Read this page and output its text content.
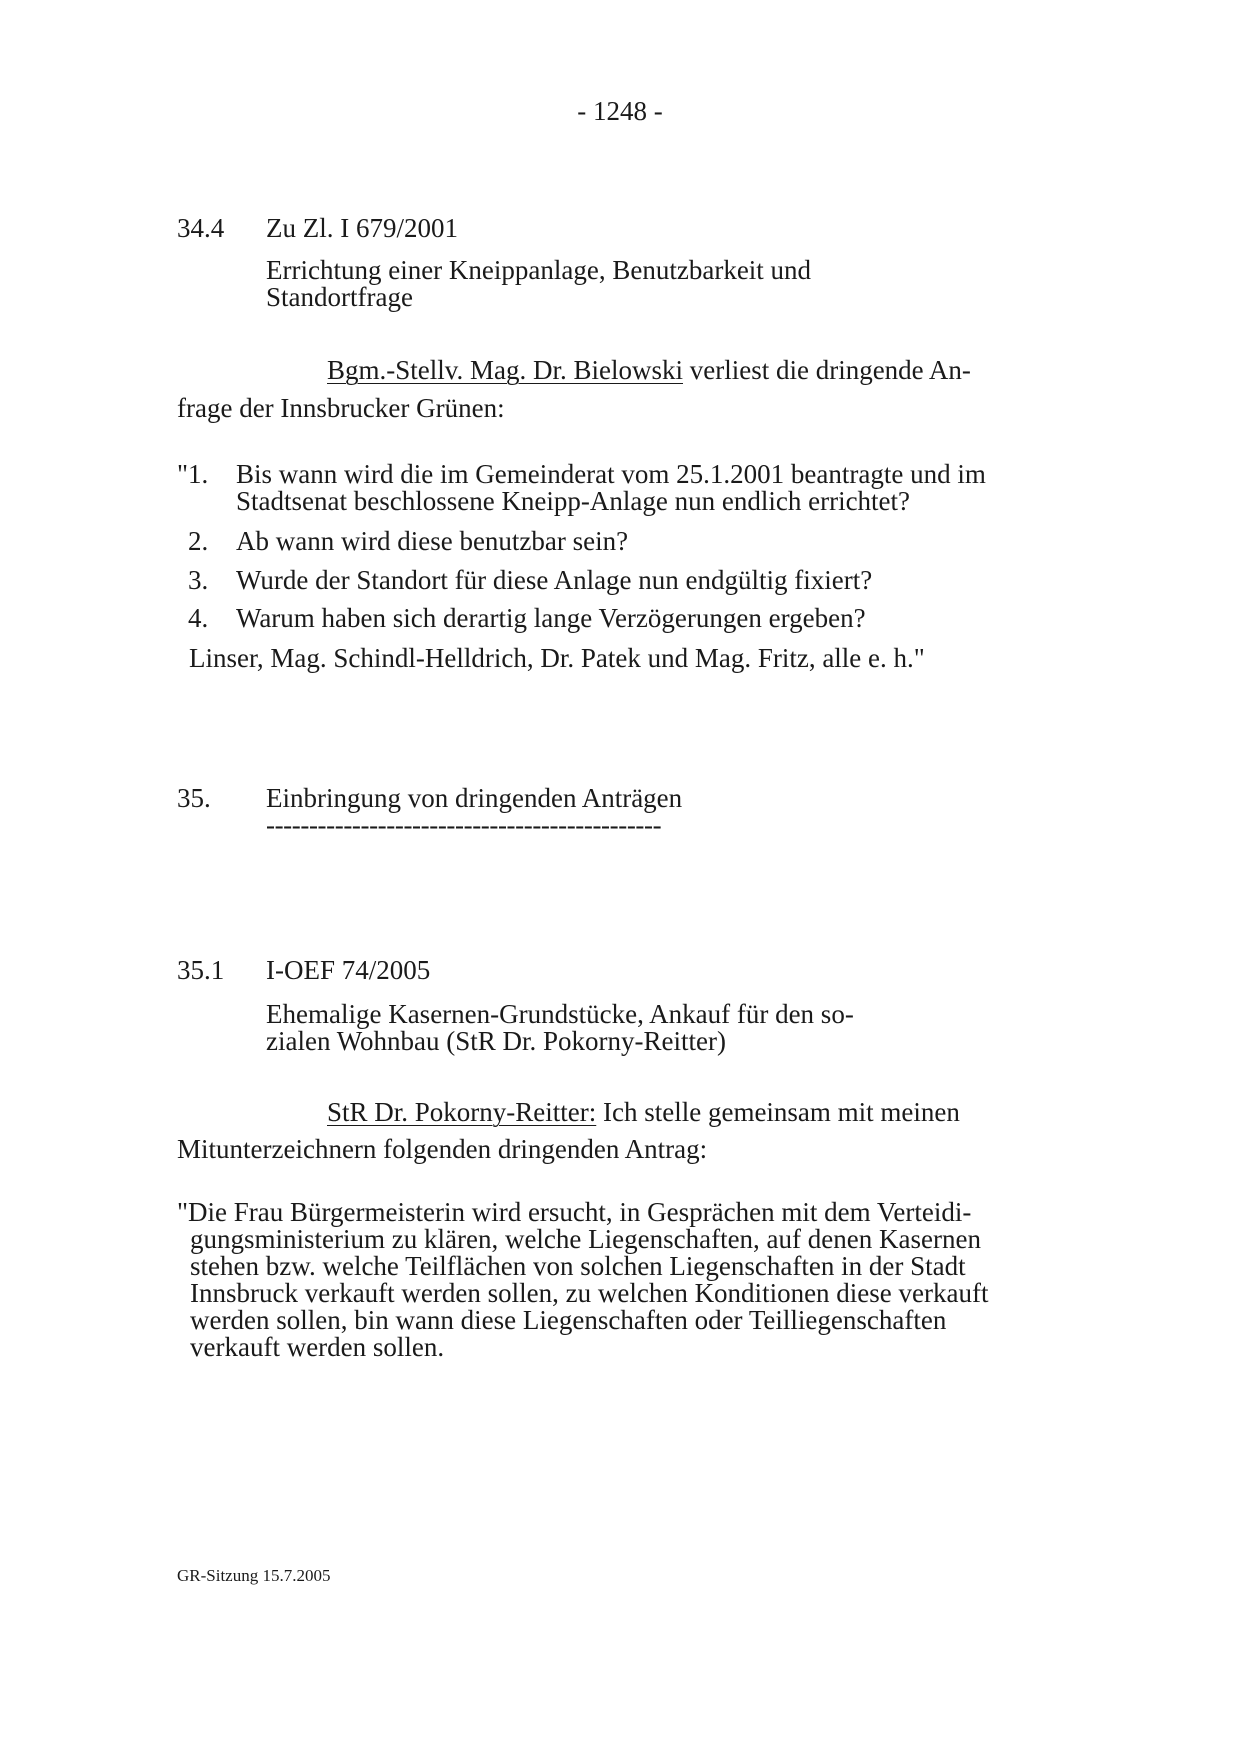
- 1248 -
34.4 Zu Zl. I 679/2001
Errichtung einer Kneippanlage, Benutzbarkeit und
Standortfrage
Bgm.-Stellv. Mag. Dr. Bielowski verliest die dringende An-
frage der Innsbrucker Grünen:
"1. Bis wann wird die im Gemeinderat vom 25.1.2001 beantragte und im
Stadtsenat beschlossene Kneipp-Anlage nun endlich errichtet?
2. Ab wann wird diese benutzbar sein?
3. Wurde der Standort für diese Anlage nun endgültig fixiert?
4. Warum haben sich derartig lange Verzögerungen ergeben?
Linser, Mag. Schindl-Helldrich, Dr. Patek und Mag. Fritz, alle e. h."
35. Einbringung von dringenden Anträgen
----------------------------------------------
35.1 I-OEF 74/2005
Ehemalige Kasernen-Grundstücke, Ankauf für den so-
zialen Wohnbau (StR Dr. Pokorny-Reitter)
StR Dr. Pokorny-Reitter: Ich stelle gemeinsam mit meinen
Mitunterzeichnern folgenden dringenden Antrag:
"Die Frau Bürgermeisterin wird ersucht, in Gesprächen mit dem Verteidi-
gungsministerium zu klären, welche Liegenschaften, auf denen Kasernen
stehen bzw. welche Teilflächen von solchen Liegenschaften in der Stadt
Innsbruck verkauft werden sollen, zu welchen Konditionen diese verkauft
werden sollen, bin wann diese Liegenschaften oder Teilliegenschaften
verkauft werden sollen.
GR-Sitzung 15.7.2005
